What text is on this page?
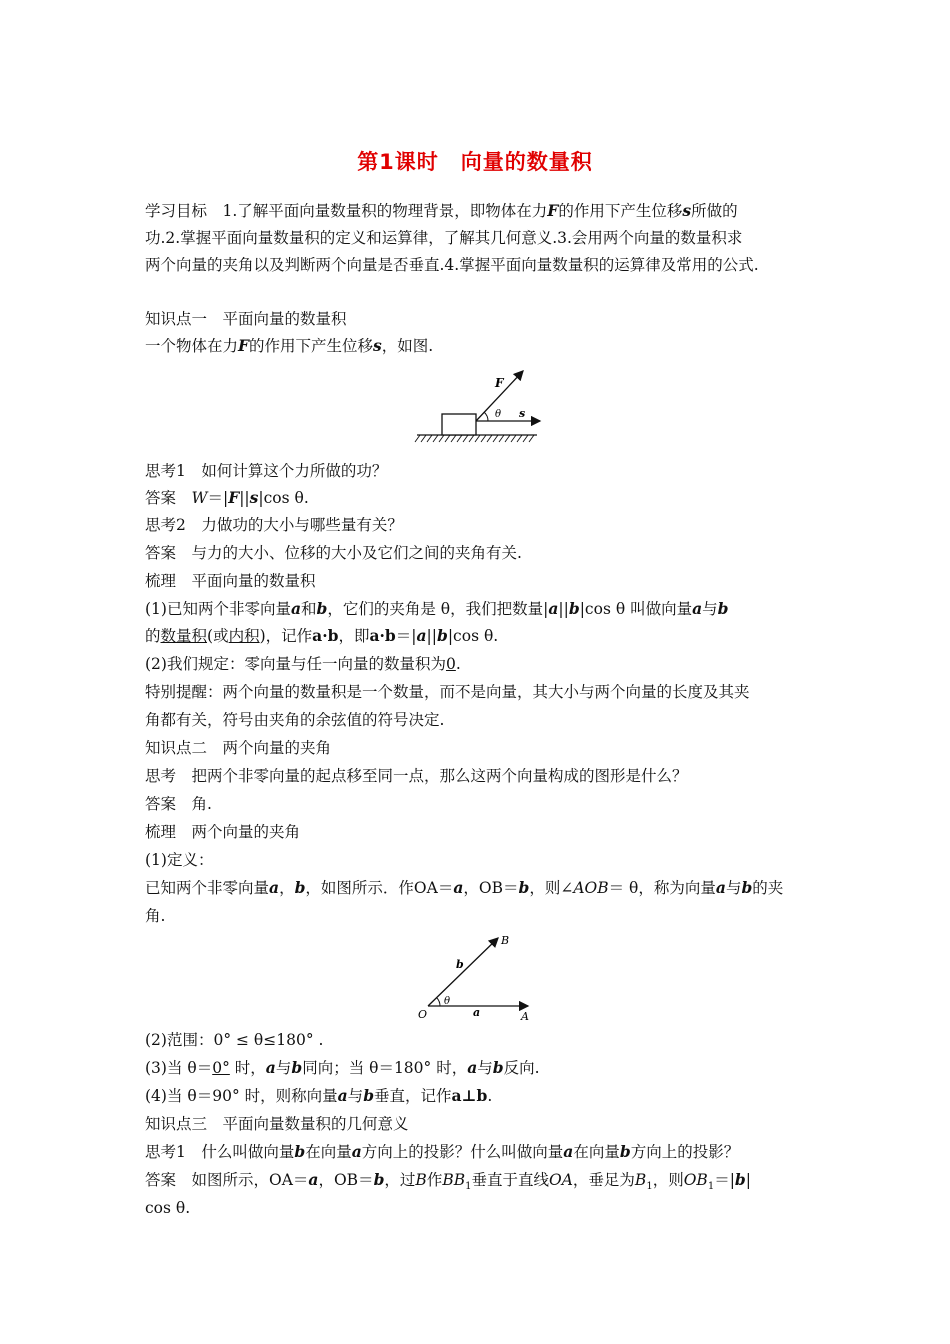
第1课时　向量的数量积
学习目标　1.了解平面向量数量积的物理背景，即物体在力F的作用下产生位移s所做的
功.2.掌握平面向量数量积的定义和运算律，了解其几何意义.3.会用两个向量的数量积求
两个向量的夹角以及判断两个向量是否垂直.4.掌握平面向量数量积的运算律及常用的公式.
知识点一　平面向量的数量积
一个物体在力F的作用下产生位移s，如图.
F
θ s
思考1　如何计算这个力所做的功？
答案　W＝|F||s|cos θ.
思考2　力做功的大小与哪些量有关？
答案　与力的大小、位移的大小及它们之间的夹角有关.
梳理　平面向量的数量积
(1)已知两个非零向量a和b，它们的夹角是 θ，我们把数量|a||b|cos θ 叫做向量a与b
的数量积(或内积)，记作a·b，即a·b＝|a||b|cos θ.
(2)我们规定：零向量与任一向量的数量积为0.
特别提醒：两个向量的数量积是一个数量，而不是向量，其大小与两个向量的长度及其夹
角都有关，符号由夹角的余弦值的符号决定.
知识点二　两个向量的夹角
思考　把两个非零向量的起点移至同一点，那么这两个向量构成的图形是什么？
答案　角.
梳理　两个向量的夹角
(1)定义：
已知两个非零向量a，b，如图所示．作OA＝a，OB＝b，则∠AOB＝ θ，称为向量a与b的夹
角.
B
b
θ
O	a	A
(2)范围：0° ≤ θ≤180° .
(3)当 θ＝0° 时，a与b同向；当 θ＝180° 时，a与b反向.
(4)当 θ＝90° 时，则称向量a与b垂直，记作a⊥b.
知识点三　平面向量数量积的几何意义
思考1　什么叫做向量b在向量a方向上的投影？什么叫做向量a在向量b方向上的投影？
答案　如图所示，OA＝a，OB＝b，过B作$BB_1$垂直于直线OA，垂足为$B_1$，则$OB_1=|b|$
cos θ.
